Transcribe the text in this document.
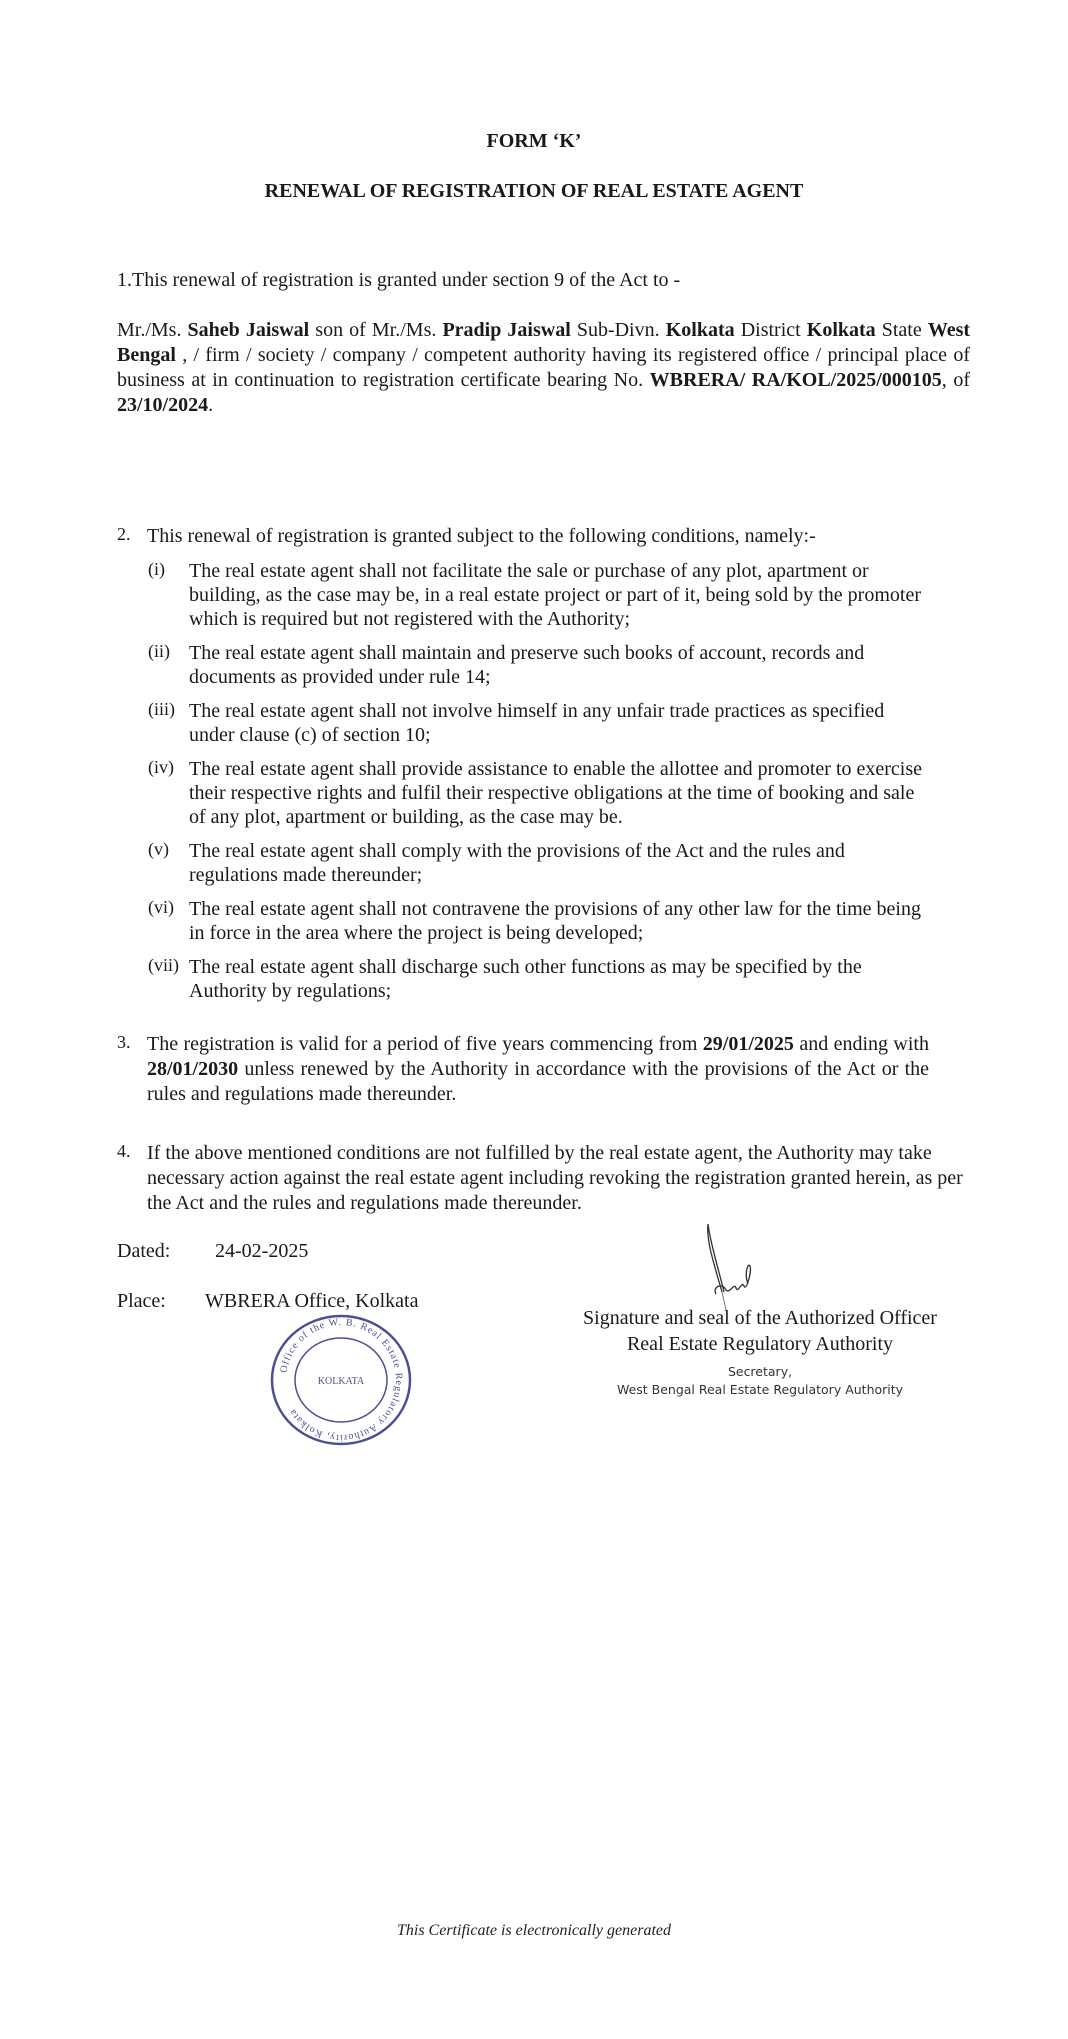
FORM ‘K’
RENEWAL OF REGISTRATION OF REAL ESTATE AGENT
1.This renewal of registration is granted under section 9 of the Act to -
Mr./Ms. Saheb Jaiswal son of Mr./Ms. Pradip Jaiswal Sub-Divn. Kolkata District Kolkata State West Bengal , / firm / society / company / competent authority having its registered office / principal place of business at in continuation to registration certificate bearing No. WBRERA/ RA/KOL/2025/000105, of 23/10/2024.
2. This renewal of registration is granted subject to the following conditions, namely:-
(i)	The real estate agent shall not facilitate the sale or purchase of any plot, apartment or building, as the case may be, in a real estate project or part of it, being sold by the promoter which is required but not registered with the Authority;
(ii) The real estate agent shall maintain and preserve such books of account, records and documents as provided under rule 14;
(iii) The real estate agent shall not involve himself in any unfair trade practices as specified under clause (c) of section 10;
(iv) The real estate agent shall provide assistance to enable the allottee and promoter to exercise their respective rights and fulfil their respective obligations at the time of booking and sale of any plot, apartment or building, as the case may be.
(v)	The real estate agent shall comply with the provisions of the Act and the rules and regulations made thereunder;
(vi) The real estate agent shall not contravene the provisions of any other law for the time being in force in the area where the project is being developed;
(vii) The real estate agent shall discharge such other functions as may be specified by the Authority by regulations;
3. The registration is valid for a period of five years commencing from 29/01/2025 and ending with 28/01/2030 unless renewed by the Authority in accordance with the provisions of the Act or the rules and regulations made thereunder.
4. If the above mentioned conditions are not fulfilled by the real estate agent, the Authority may take necessary action against the real estate agent including revoking the registration granted herein, as per the Act and the rules and regulations made thereunder.
Dated:	24-02-2025
Place:	WBRERA Office, Kolkata
Office of the W. B. Real Estate Regulatory Authority, Kolkata
KOLKATA
Signature and seal of the Authorized Officer
Real Estate Regulatory Authority
Secretary,
West Bengal Real Estate Regulatory Authority
This Certificate is electronically generated
